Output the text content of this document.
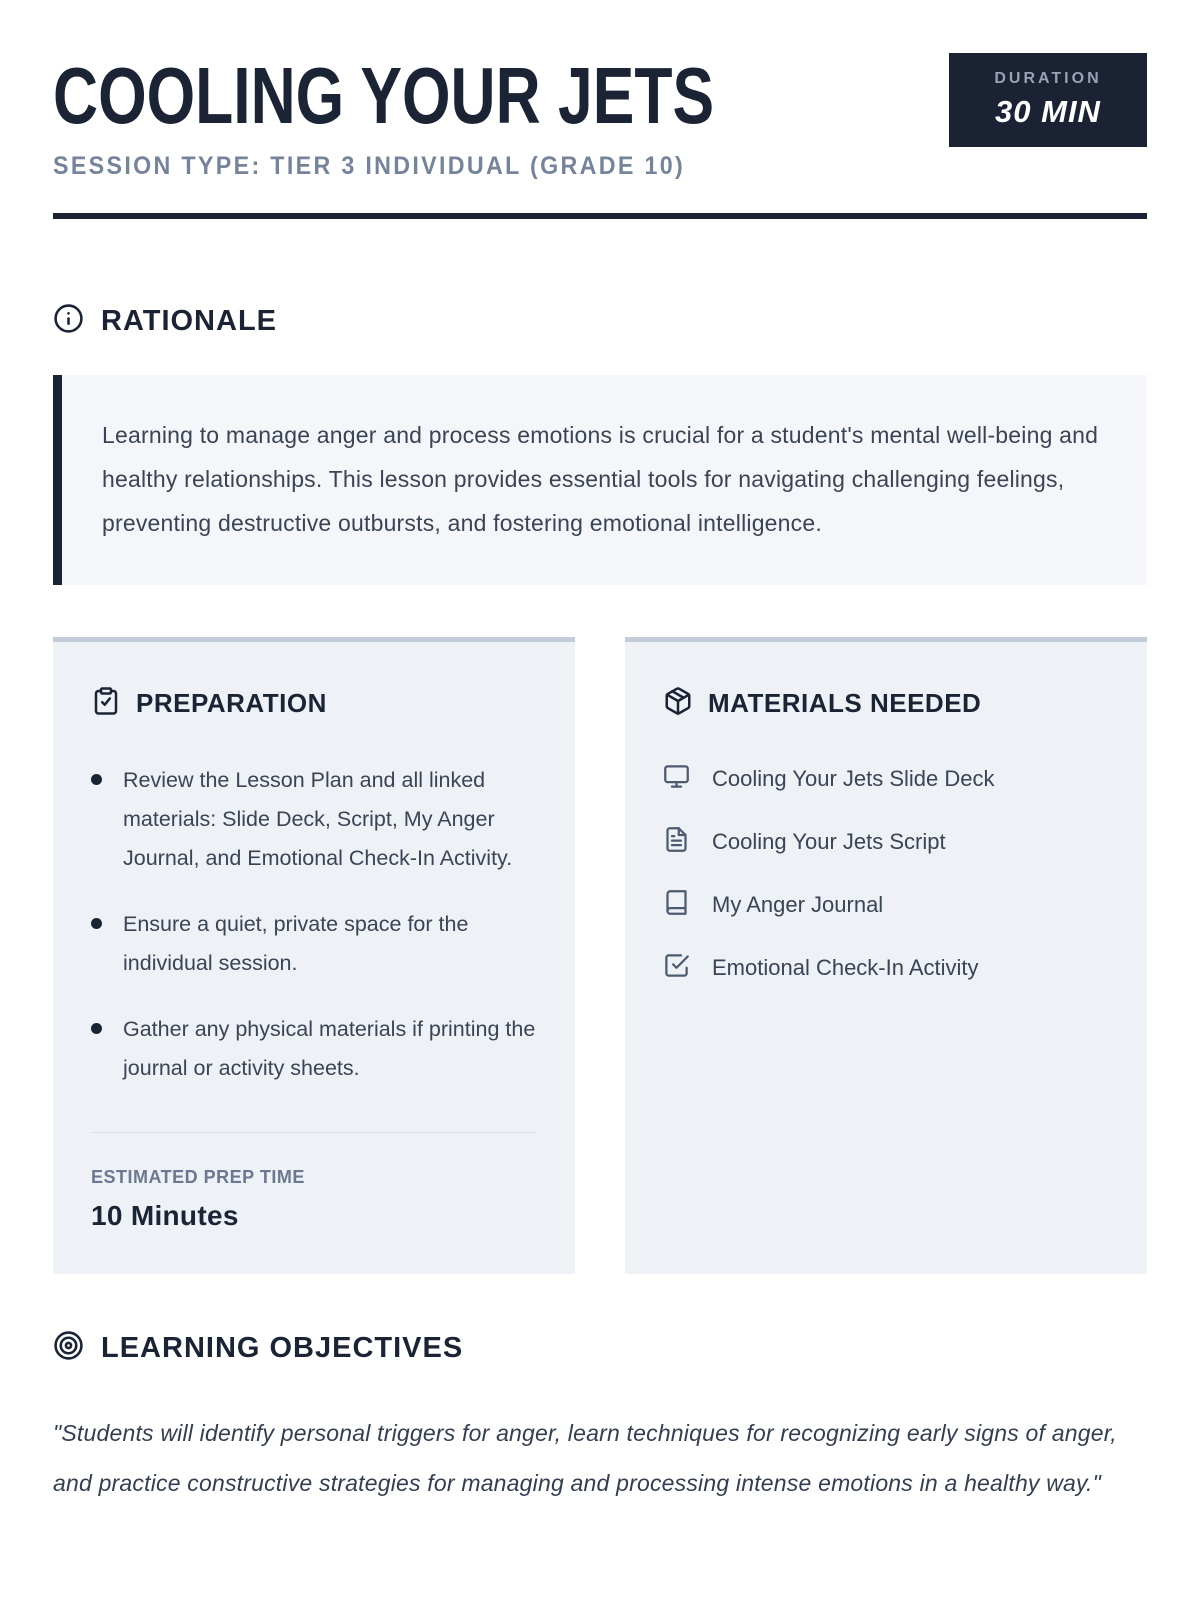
COOLING YOUR JETS
SESSION TYPE: TIER 3 INDIVIDUAL (GRADE 10)
DURATION
30 MIN
RATIONALE

Learning to manage anger and process emotions is crucial for a student's mental well-being and healthy relationships. This lesson provides essential tools for navigating challenging feelings, preventing destructive outbursts, and fostering emotional intelligence.

PREPARATION
Review the Lesson Plan and all linked materials: Slide Deck, Script, My Anger Journal, and Emotional Check-In Activity.
Ensure a quiet, private space for the individual session.
Gather any physical materials if printing the journal or activity sheets.
ESTIMATED PREP TIME
10 Minutes
MATERIALS NEEDED
Cooling Your Jets Slide Deck
Cooling Your Jets Script
My Anger Journal
Emotional Check-In Activity
LEARNING OBJECTIVES

"Students will identify personal triggers for anger, learn techniques for recognizing early signs of anger, and practice constructive strategies for managing and processing intense emotions in a healthy way."
